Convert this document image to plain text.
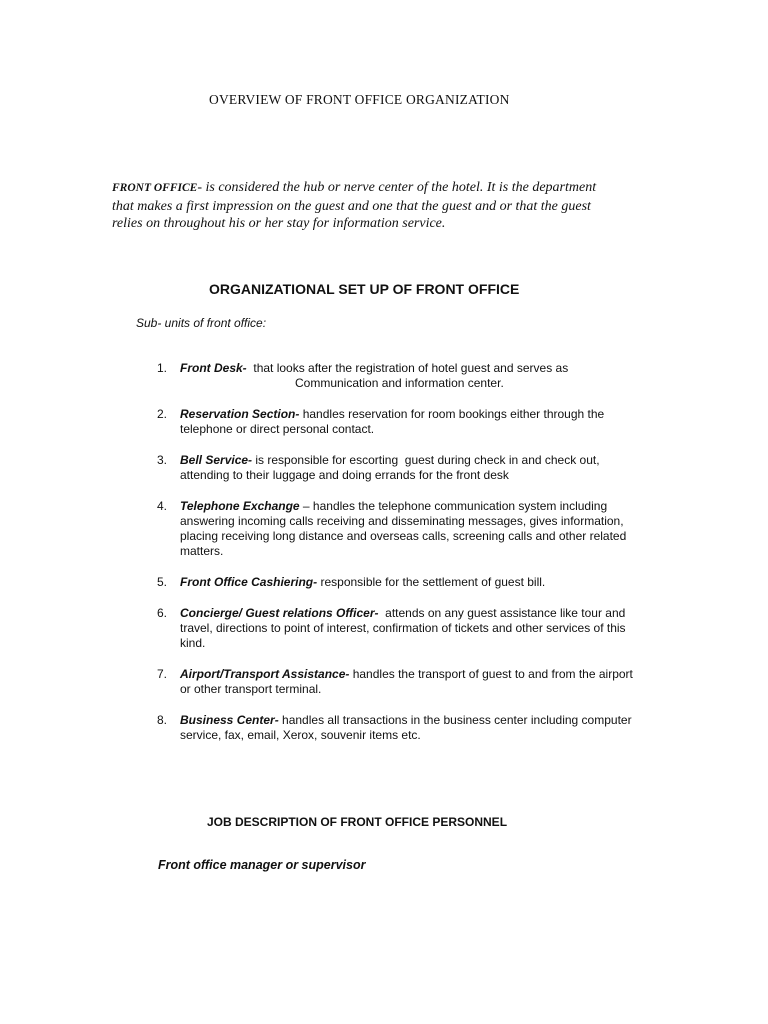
OVERVIEW OF FRONT OFFICE ORGANIZATION
FRONT OFFICE- is considered the hub or nerve center of the hotel. It is the department
that makes a first impression on the guest and one that the guest and or that the guest
relies on throughout his or her stay for information service.
ORGANIZATIONAL SET UP OF FRONT OFFICE
Sub- units of front office:
1.	Front Desk-  that looks after the registration of hotel guest and serves as
Communication and information center.
2.	Reservation Section- handles reservation for room bookings either through the
telephone or direct personal contact.
3.	Bell Service- is responsible for escorting  guest during check in and check out,
attending to their luggage and doing errands for the front desk
4.	Telephone Exchange – handles the telephone communication system including
answering incoming calls receiving and disseminating messages, gives information,
placing receiving long distance and overseas calls, screening calls and other related
matters.
5.	Front Office Cashiering- responsible for the settlement of guest bill.
6.	Concierge/ Guest relations Officer-  attends on any guest assistance like tour and
travel, directions to point of interest, confirmation of tickets and other services of this
kind.
7.	Airport/Transport Assistance- handles the transport of guest to and from the airport
or other transport terminal.
8.	Business Center- handles all transactions in the business center including computer
service, fax, email, Xerox, souvenir items etc.
JOB DESCRIPTION OF FRONT OFFICE PERSONNEL
Front office manager or supervisor
